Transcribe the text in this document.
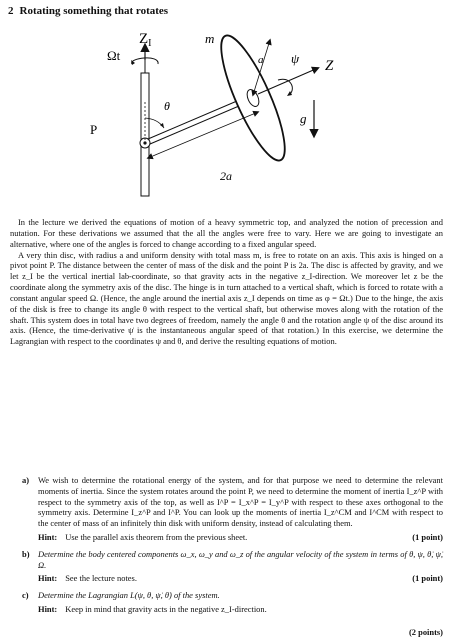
2 Rotating something that rotates
Ωt
$Z_I$
θ
P
m
a ψ Z
g
2a

In the lecture we derived the equations of motion of a heavy symmetric top, and analyzed the notion of precession and nutation. For these derivations we assumed that the all the angles were free to vary. Here we are going to investigate an alternative, where one of the angles is forced to change according to a fixed angular speed.

A very thin disc, with radius a and uniform density with total mass m, is free to rotate on an axis. This axis is hinged on a pivot point P. The distance between the center of mass of the disk and the point P is 2a. The disc is affected by gravity, and we let z_I be the vertical inertial lab-coordinate, so that gravity acts in the negative z_I-direction. We moreover let z be the coordinate along the symmetry axis of the disc. The hinge is in turn attached to a vertical shaft, which is forced to rotate with a constant angular speed Ω. (Hence, the angle around the inertial axis z_I depends on time as φ = Ωt.) Due to the hinge, the axis of the disk is free to change its angle θ with respect to the vertical shaft, but otherwise moves along with the rotation of the shaft. This system does in total have two degrees of freedom, namely the angle θ and the rotation angle ψ of the disc around its axis. (Hence, the time-derivative ψ̇ is the instantaneous angular speed of that rotation.) In this exercise, we determine the Lagrangian with respect to the coordinates ψ and θ, and derive the resulting equations of motion.

a) We wish to determine the rotational energy of the system, and for that purpose we need to determine the relevant moments of inertia. Since the system rotates around the point P, we need to determine the moment of inertia I_z^P with respect to the symmetry axis of the top, as well as I^P = I_x^P = I_y^P with respect to these axes orthogonal to the symmetry axis. Determine I_z^P and I^P. You can look up the moments of inertia I_z^CM and I^CM with respect to the center of mass of an infinitely thin disk with uniform density, instead of calculating them.
Hint: Use the parallel axis theorem from the previous sheet.	(1 point)
b) Determine the body centered components ω_x, ω_y and ω_z of the angular velocity of the system in terms of θ, ψ, θ̇, ψ̇, Ω.
Hint: See the lecture notes.	(1 point)
c) Determine the Lagrangian L(ψ, θ, ψ̇, θ̇) of the system.
Hint: Keep in mind that gravity acts in the negative z_I-direction.
(2 points)
